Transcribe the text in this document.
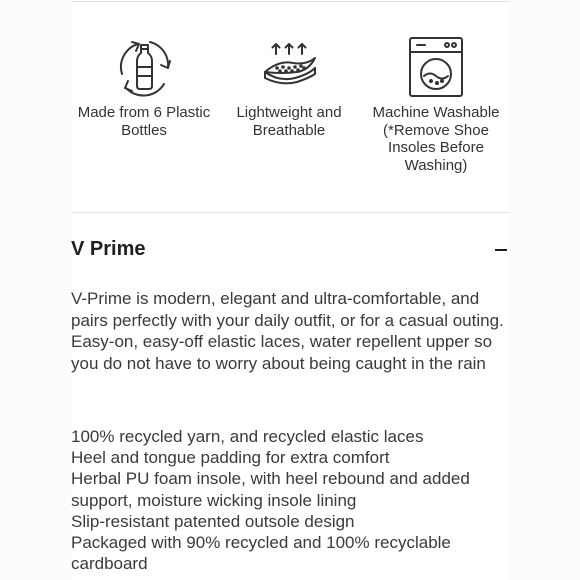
Made from 6 Plastic Bottles
Lightweight and Breathable
Machine Washable (*Remove Shoe Insoles Before Washing)
V Prime

V-Prime is modern, elegant and ultra-comfortable, and pairs perfectly with your daily outfit, or for a casual outing. Easy-on, easy-off elastic laces, water repellent upper so you do not have to worry about being caught in the rain

100% recycled yarn, and recycled elastic laces
Heel and tongue padding for extra comfort
Herbal PU foam insole, with heel rebound and added support, moisture wicking insole lining
Slip-resistant patented outsole design
Packaged with 90% recycled and 100% recyclable cardboard
